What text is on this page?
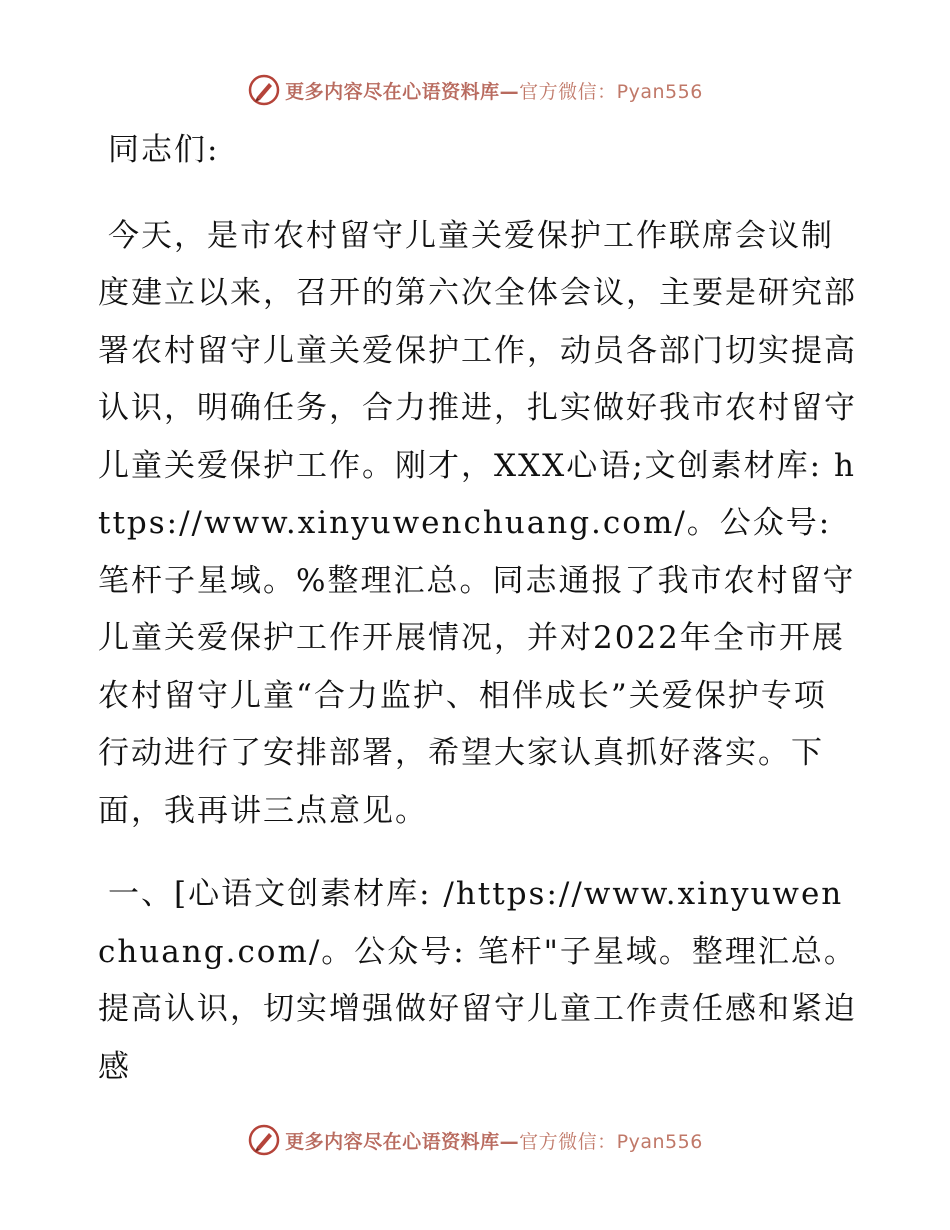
更多内容尽在心语资料库—官方微信：Pyan556

同志们:

今天，是市农村留守儿童关爱保护工作联席会议制度建立以来，召开的第六次全体会议，主要是研究部署农村留守儿童关爱保护工作，动员各部门切实提高认识，明确任务，合力推进，扎实做好我市农村留守儿童关爱保护工作。刚才，XXX心语;文创素材库: https://www.xinyuwenchuang.com/。公众号: 笔杆子星域。%整理汇总。同志通报了我市农村留守儿童关爱保护工作开展情况，并对2022年全市开展农村留守儿童“合力监护、相伴成长”关爱保护专项行动进行了安排部署，希望大家认真抓好落实。下面，我再讲三点意见。

一、[心语文创素材库: /https://www.xinyuwenchuang.com/。公众号: 笔杆"子星域。整理汇总。提高认识，切实增强做好留守儿童工作责任感和紧迫感

更多内容尽在心语资料库—官方微信：Pyan556
